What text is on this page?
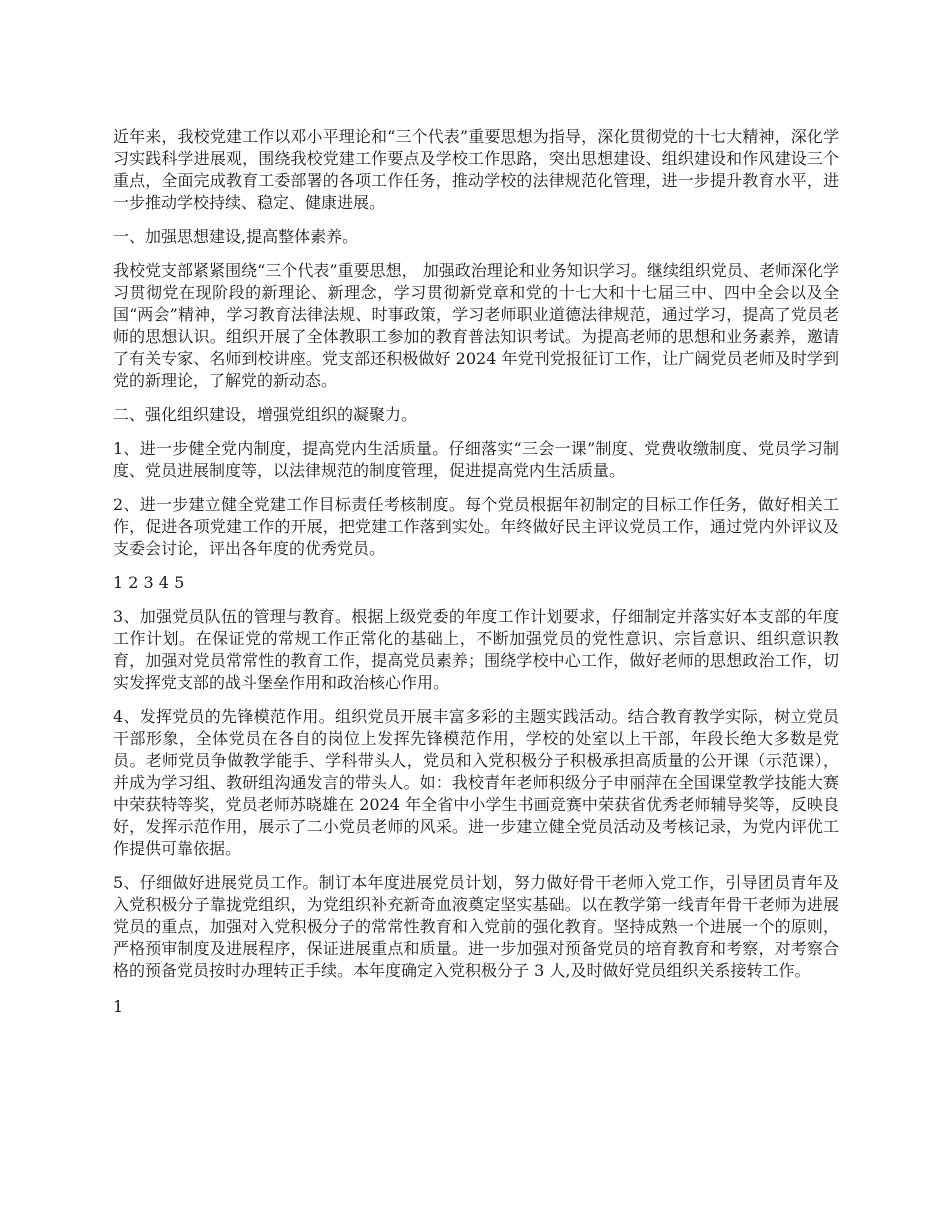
近年来，我校党建工作以邓小平理论和“三个代表”重要思想为指导，深化贯彻党的十七大精神，深化学习实践科学进展观，围绕我校党建工作要点及学校工作思路，突出思想建设、组织建设和作风建设三个重点，全面完成教育工委部署的各项工作任务，推动学校的法律规范化管理，进一步提升教育水平，进一步推动学校持续、稳定、健康进展。

一、加强思想建设,提高整体素养。

我校党支部紧紧围绕“三个代表”重要思想， 加强政治理论和业务知识学习。继续组织党员、老师深化学习贯彻党在现阶段的新理论、新理念，学习贯彻新党章和党的十七大和十七届三中、四中全会以及全国“两会”精神，学习教育法律法规、时事政策，学习老师职业道德法律规范，通过学习，提高了党员老师的思想认识。组织开展了全体教职工参加的教育普法知识考试。为提高老师的思想和业务素养，邀请了有关专家、名师到校讲座。党支部还积极做好 2024 年党刊党报征订工作，让广阔党员老师及时学到党的新理论，了解党的新动态。

二、强化组织建设，增强党组织的凝聚力。

1、进一步健全党内制度，提高党内生活质量。仔细落实“三会一课”制度、党费收缴制度、党员学习制度、党员进展制度等，以法律规范的制度管理，促进提高党内生活质量。

2、进一步建立健全党建工作目标责任考核制度。每个党员根据年初制定的目标工作任务，做好相关工作，促进各项党建工作的开展，把党建工作落到实处。年终做好民主评议党员工作，通过党内外评议及支委会讨论，评出各年度的优秀党员。

1 2 3 4 5

3、加强党员队伍的管理与教育。根据上级党委的年度工作计划要求，仔细制定并落实好本支部的年度工作计划。在保证党的常规工作正常化的基础上，不断加强党员的党性意识、宗旨意识、组织意识教育，加强对党员常常性的教育工作，提高党员素养；围绕学校中心工作，做好老师的思想政治工作，切实发挥党支部的战斗堡垒作用和政治核心作用。

4、发挥党员的先锋模范作用。组织党员开展丰富多彩的主题实践活动。结合教育教学实际，树立党员干部形象，全体党员在各自的岗位上发挥先锋模范作用，学校的处室以上干部，年段长绝大多数是党员。老师党员争做教学能手、学科带头人，党员和入党积极分子积极承担高质量的公开课（示范课），并成为学习组、教研组沟通发言的带头人。如：我校青年老师积级分子申丽萍在全国课堂教学技能大赛中荣获特等奖，党员老师苏晓雄在 2024 年全省中小学生书画竞赛中荣获省优秀老师辅导奖等，反映良好，发挥示范作用，展示了二小党员老师的风采。进一步建立健全党员活动及考核记录，为党内评优工作提供可靠依据。

5、仔细做好进展党员工作。制订本年度进展党员计划，努力做好骨干老师入党工作，引导团员青年及入党积极分子靠拢党组织，为党组织补充新奇血液奠定坚实基础。以在教学第一线青年骨干老师为进展党员的重点，加强对入党积极分子的常常性教育和入党前的强化教育。坚持成熟一个进展一个的原则，严格预审制度及进展程序，保证进展重点和质量。进一步加强对预备党员的培育教育和考察，对考察合格的预备党员按时办理转正手续。本年度确定入党积极分子 3 人,及时做好党员组织关系接转工作。

1
